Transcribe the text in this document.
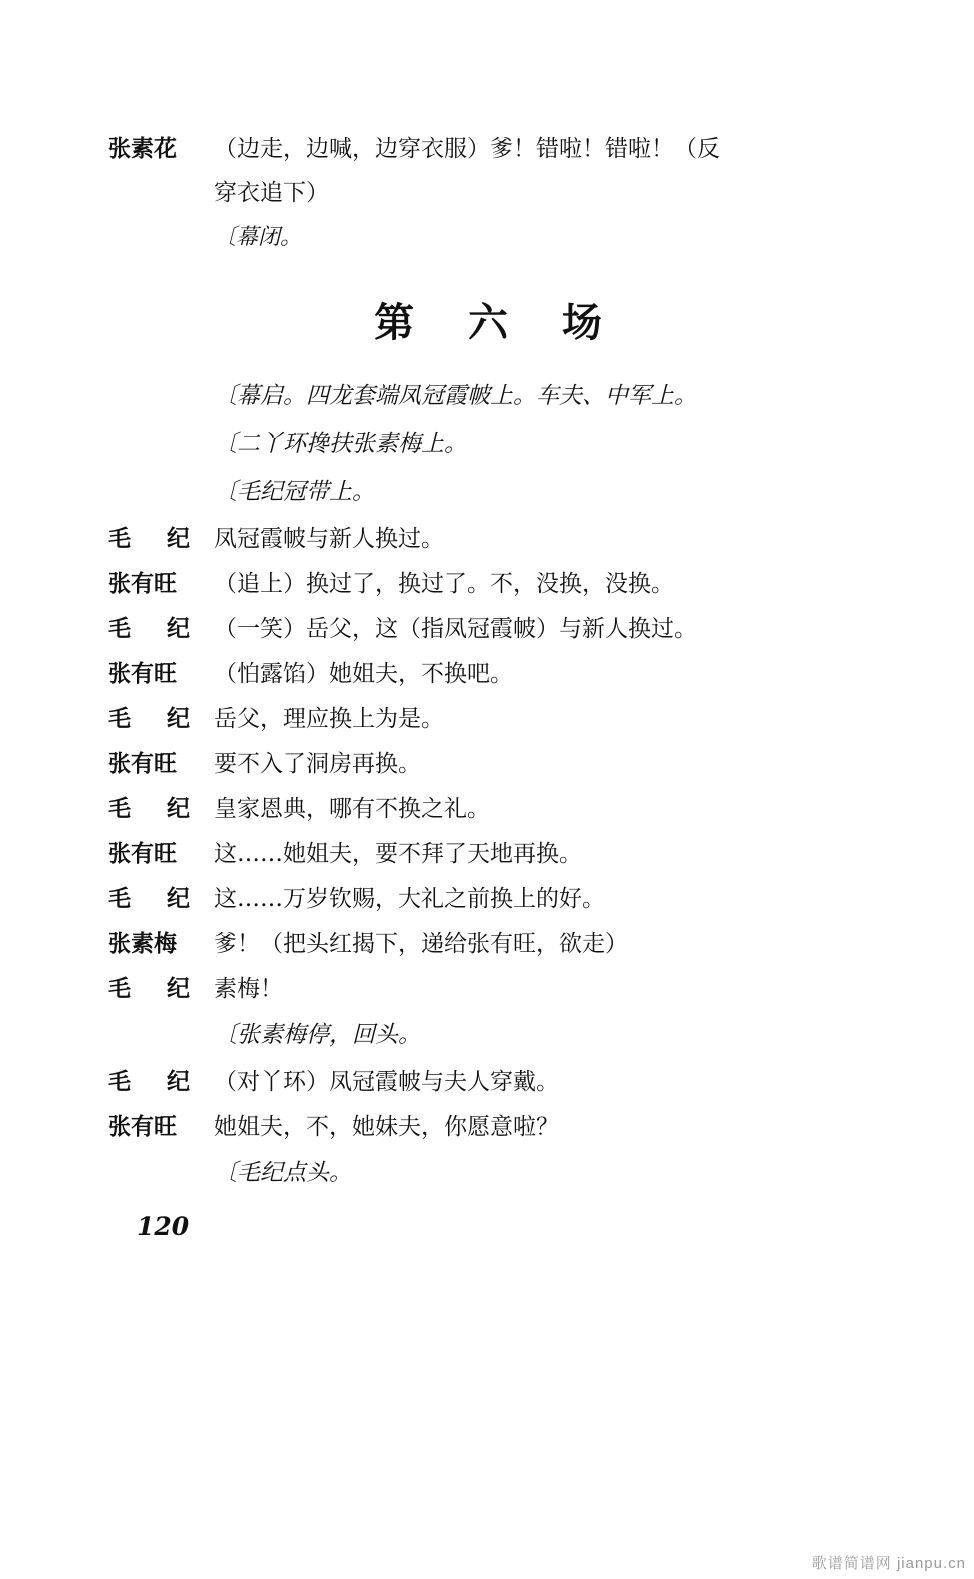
张素花	（边走，边喊，边穿衣服）爹！错啦！错啦！（反
穿衣追下）
〔幕闭。
第 六 场
〔幕启。四龙套端凤冠霞帔上。车夫、中军上。
〔二丫环搀扶张素梅上。
〔毛纪冠带上。
毛 纪 凤冠霞帔与新人换过。
张有旺	（追上）换过了，换过了。不，没换，没换。
毛 纪 （一笑）岳父，这（指凤冠霞帔）与新人换过。
张有旺	（怕露馅）她姐夫，不换吧。
毛 纪 岳父，理应换上为是。
张有旺	要不入了洞房再换。
毛 纪 皇家恩典，哪有不换之礼。
张有旺	这……她姐夫，要不拜了天地再换。
毛 纪 这……万岁钦赐，大礼之前换上的好。
张素梅	爹！（把头红揭下，递给张有旺，欲走）
毛 纪 素梅！
〔张素梅停，回头。
毛 纪 （对丫环）凤冠霞帔与夫人穿戴。
张有旺	她姐夫，不，她妹夫，你愿意啦？
〔毛纪点头。
120
歌谱简谱网 jianpu.cn
